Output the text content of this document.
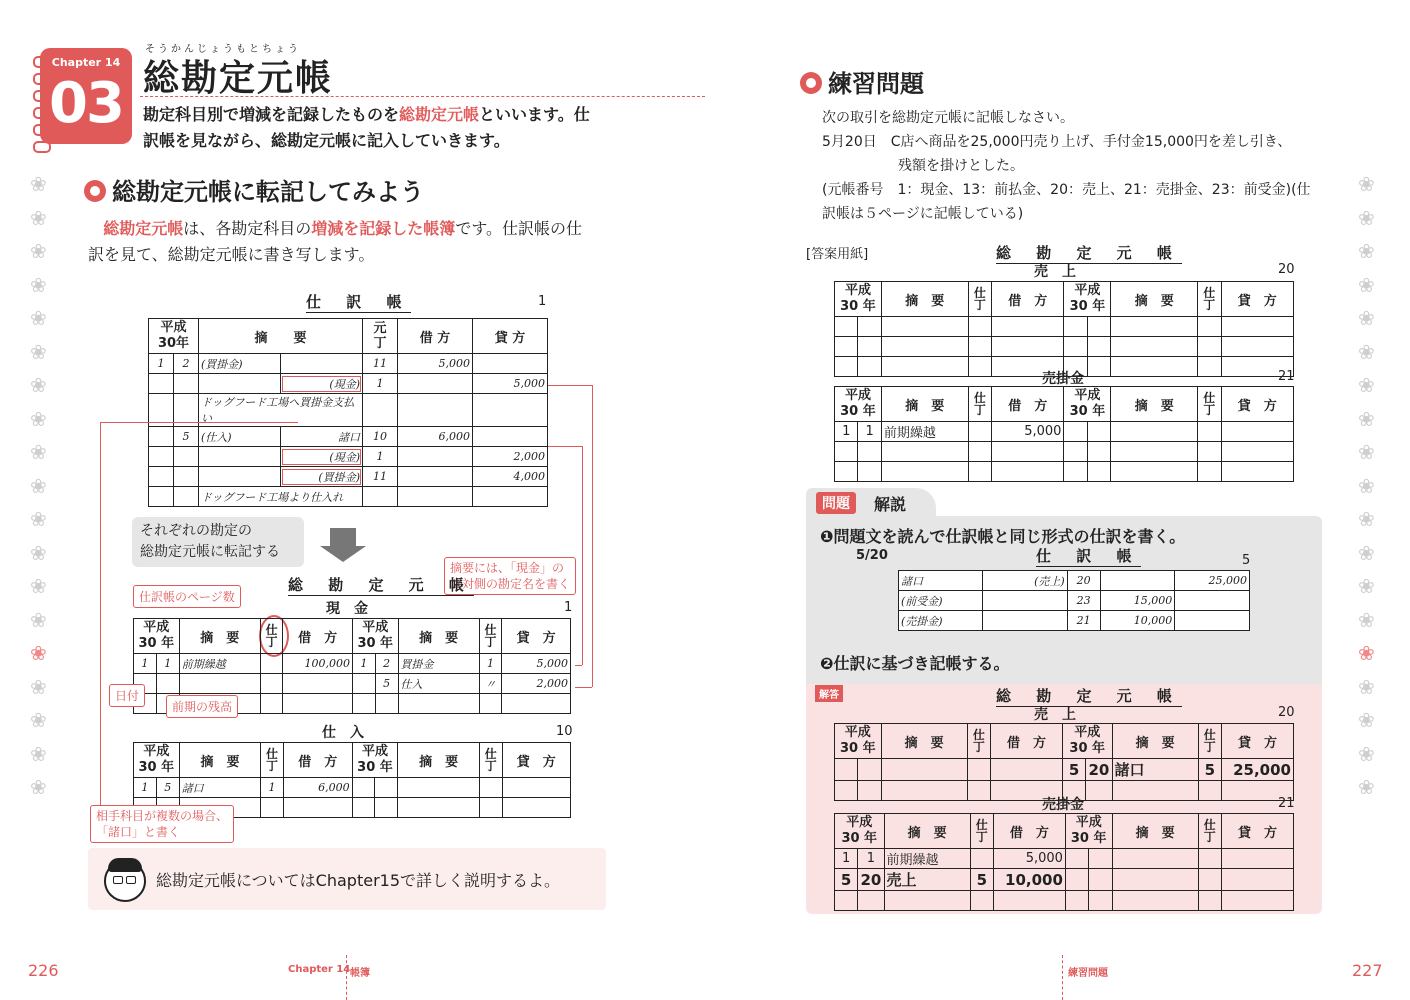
Chapter 14
03
そうかんじょうもとちょう
総勘定元帳
勘定科目別で増減を記録したものを総勘定元帳といいます。仕
訳帳を見ながら、総勘定元帳に記入していきます。
総勘定元帳に転記してみよう
総勘定元帳は、各勘定科目の増減を記録した帳簿です。仕訳帳の仕
訳を見て、総勘定元帳に書き写します。
仕 訳 帳	1
平成
30年		摘　　要		元
丁	借 方	貸 方
1	2	(買掛金)		11	5,000	
			(現金)	1		5,000
		ドッグフード工場へ買掛金支払い				
	5	(仕入)	諸口	10	6,000	
			(現金)	1		2,000
			(買掛金)	11		4,000
		ドッグフード工場より仕入れ				
それぞれの勘定の
総勘定元帳に転記する
摘要には、「現金」の
反対側の勘定名を書く
仕訳帳のページ数
総 勘 定 元 帳
現　金	1
平成
30 年		摘　要	仕
丁	借　方	平成
30 年		摘　要	仕
丁	貸　方
1	1	前期繰越		100,000	1	2	買掛金	1	5,000
						5	仕入	〃	2,000

日付
前期の残高
仕　入	10
平成
30 年		摘　要	仕
丁	借　方	平成
30 年		摘　要	仕
丁	貸　方
1	5	諸口	1	6,000					

相手科目が複数の場合、
「諸口」と書く
総勘定元帳についてはChapter15で詳しく説明するよ。
226	Chapter 14 帳簿
❀
❀
❀
❀
❀
❀
❀
❀
❀
❀
❀
❀
❀
❀
❀
❀
❀
❀
❀
❀
❀
❀
❀
❀
❀
❀
❀
❀
❀
❀
❀
❀
❀
❀
❀
❀
❀
❀
練習問題
次の取引を総勘定元帳に記帳しなさい。
5月20日　 C店へ商品を25,000円売り上げ、手付金15,000円を差し引き、
残額を掛けとした。
(元帳番号　1：現金、13：前払金、20：売上、21：売掛金、23：前受金)(仕
訳帳は５ページに記帳している)
[答案用紙]	総 勘 定 元 帳
売　上	20
平成
30 年		摘　要	仕
丁	借　方	平成
30 年		摘　要	仕
丁	貸　方

売掛金	21
平成
30 年		摘　要	仕
丁	借　方	平成
30 年		摘　要	仕
丁	貸　方
1	1	前期繰越		5,000					

問題	解説
❶問題文を読んで仕訳帳と同じ形式の仕訳を書く。
5/20	仕 訳 帳	5
諸口	(売上)	20		25,000
(前受金)		23	15,000	
(売掛金)		21	10,000	
❷仕訳に基づき記帳する。
解答	総 勘 定 元 帳
売　上	20
平成
30 年		摘　要	仕
丁	借　方	平成
30 年		摘　要	仕
丁	貸　方
					5	20	諸口	5	25,000

売掛金	21
平成
30 年		摘　要	仕
丁	借　方	平成
30 年		摘　要	仕
丁	貸　方
1	1	前期繰越		5,000					
5	20	売上	5	10,000					

練習問題	227
